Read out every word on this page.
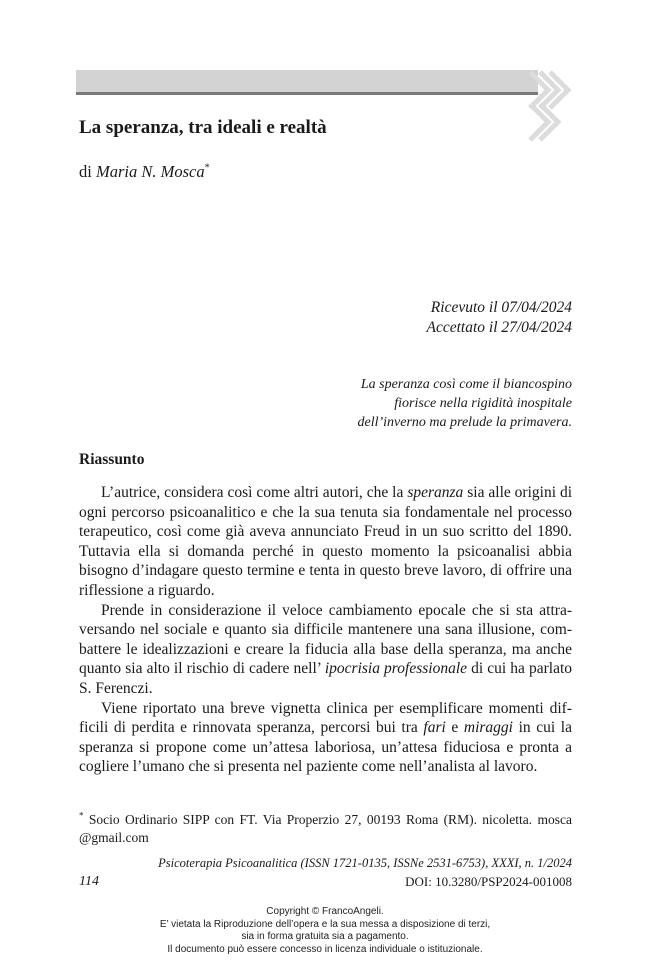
La speranza, tra ideali e realtà
di Maria N. Mosca*
Ricevuto il 07/04/2024
Accettato il 27/04/2024
La speranza così come il biancospino
fiorisce nella rigidità inospitale
dell’inverno ma prelude la primavera.
Riassunto

L’autrice, considera così come altri autori, che la speranza sia alle origini di ogni percorso psicoanalitico e che la sua tenuta sia fondamentale nel processo terapeutico, così come già aveva annunciato Freud in un suo scritto del 1890. Tuttavia ella si domanda perché in questo momento la psicoanalisi abbia bisogno d’indagare questo termine e tenta in questo breve lavoro, di offrire una riflessione a riguardo.

Prende in considerazione il veloce cambiamento epocale che si sta attraversando nel sociale e quanto sia difficile mantenere una sana illusione, combattere le idealizzazioni e creare la fiducia alla base della speranza, ma anche quanto sia alto il rischio di cadere nell’ ipocrisia professionale di cui ha parlato S. Ferenczi.

Viene riportato una breve vignetta clinica per esemplificare momenti difficili di perdita e rinnovata speranza, percorsi bui tra fari e miraggi in cui la speranza si propone come un’attesa laboriosa, un’attesa fiduciosa e pronta a cogliere l’umano che si presenta nel paziente come nell’analista al lavoro.

* Socio Ordinario SIPP con FT. Via Properzio 27, 00193 Roma (RM). nicoletta. mosca @gmail.com
Psicoterapia Psicoanalitica (ISSN 1721-0135, ISSNe 2531-6753), XXXI, n. 1/2024
114	DOI: 10.3280/PSP2024-001008
Copyright © FrancoAngeli.
E’ vietata la Riproduzione dell’opera e la sua messa a disposizione di terzi,
sia in forma gratuita sia a pagamento.
Il documento può essere concesso in licenza individuale o istituzionale.
